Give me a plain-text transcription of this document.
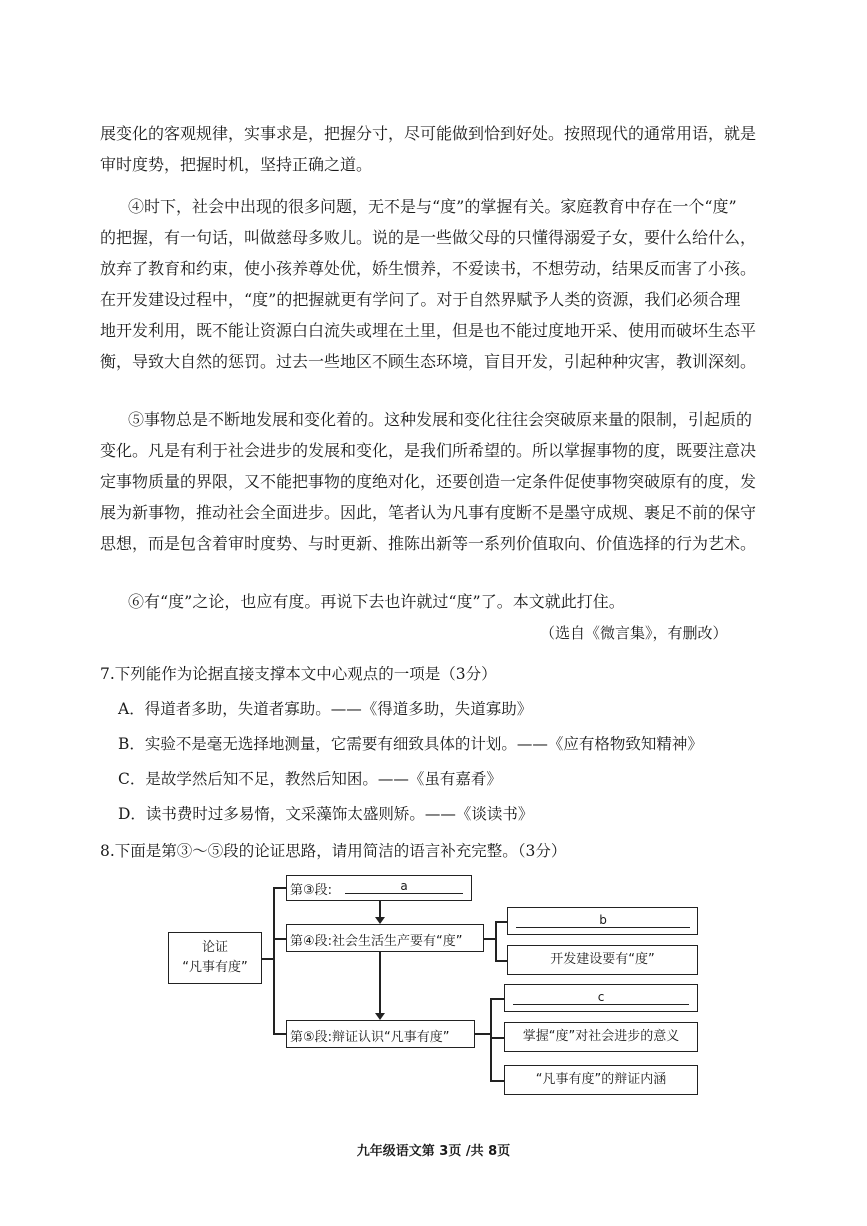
展变化的客观规律，实事求是，把握分寸，尽可能做到恰到好处。按照现代的通常用语，就是
审时度势，把握时机，坚持正确之道。
④时下，社会中出现的很多问题，无不是与“度”的掌握有关。家庭教育中存在一个“度”
的把握，有一句话，叫做慈母多败儿。说的是一些做父母的只懂得溺爱子女，要什么给什么，
放弃了教育和约束，使小孩养尊处优，娇生惯养，不爱读书，不想劳动，结果反而害了小孩。
在开发建设过程中，“度”的把握就更有学问了。对于自然界赋予人类的资源，我们必须合理
地开发利用，既不能让资源白白流失或埋在土里，但是也不能过度地开采、使用而破坏生态平
衡，导致大自然的惩罚。过去一些地区不顾生态环境，盲目开发，引起种种灾害，教训深刻。
⑤事物总是不断地发展和变化着的。这种发展和变化往往会突破原来量的限制，引起质的
变化。凡是有利于社会进步的发展和变化，是我们所希望的。所以掌握事物的度，既要注意决
定事物质量的界限，又不能把事物的度绝对化，还要创造一定条件促使事物突破原有的度，发
展为新事物，推动社会全面进步。因此，笔者认为凡事有度断不是墨守成规、裹足不前的保守
思想，而是包含着审时度势、与时更新、推陈出新等一系列价值取向、价值选择的行为艺术。
⑥有“度”之论，也应有度。再说下去也许就过“度”了。本文就此打住。
（选自《微言集》，有删改）
7.下列能作为论据直接支撑本文中心观点的一项是（3分）
A．得道者多助，失道者寡助。——《得道多助，失道寡助》
B．实验不是毫无选择地测量，它需要有细致具体的计划。——《应有格物致知精神》
C．是故学然后知不足，教然后知困。——《虽有嘉肴》
D．读书费时过多易惰，文采藻饰太盛则矫。——《谈读书》
8.下面是第③～⑤段的论证思路，请用简洁的语言补充完整。（3分）
论证
“凡事有度”
第③段:	a
第④段:社会生活生产要有“度”
b
开发建设要有“度”
第⑤段:辩证认识“凡事有度”
c
掌握“度”对社会进步的意义
“凡事有度”的辩证内涵
九年级语文第 3页 /共 8页
